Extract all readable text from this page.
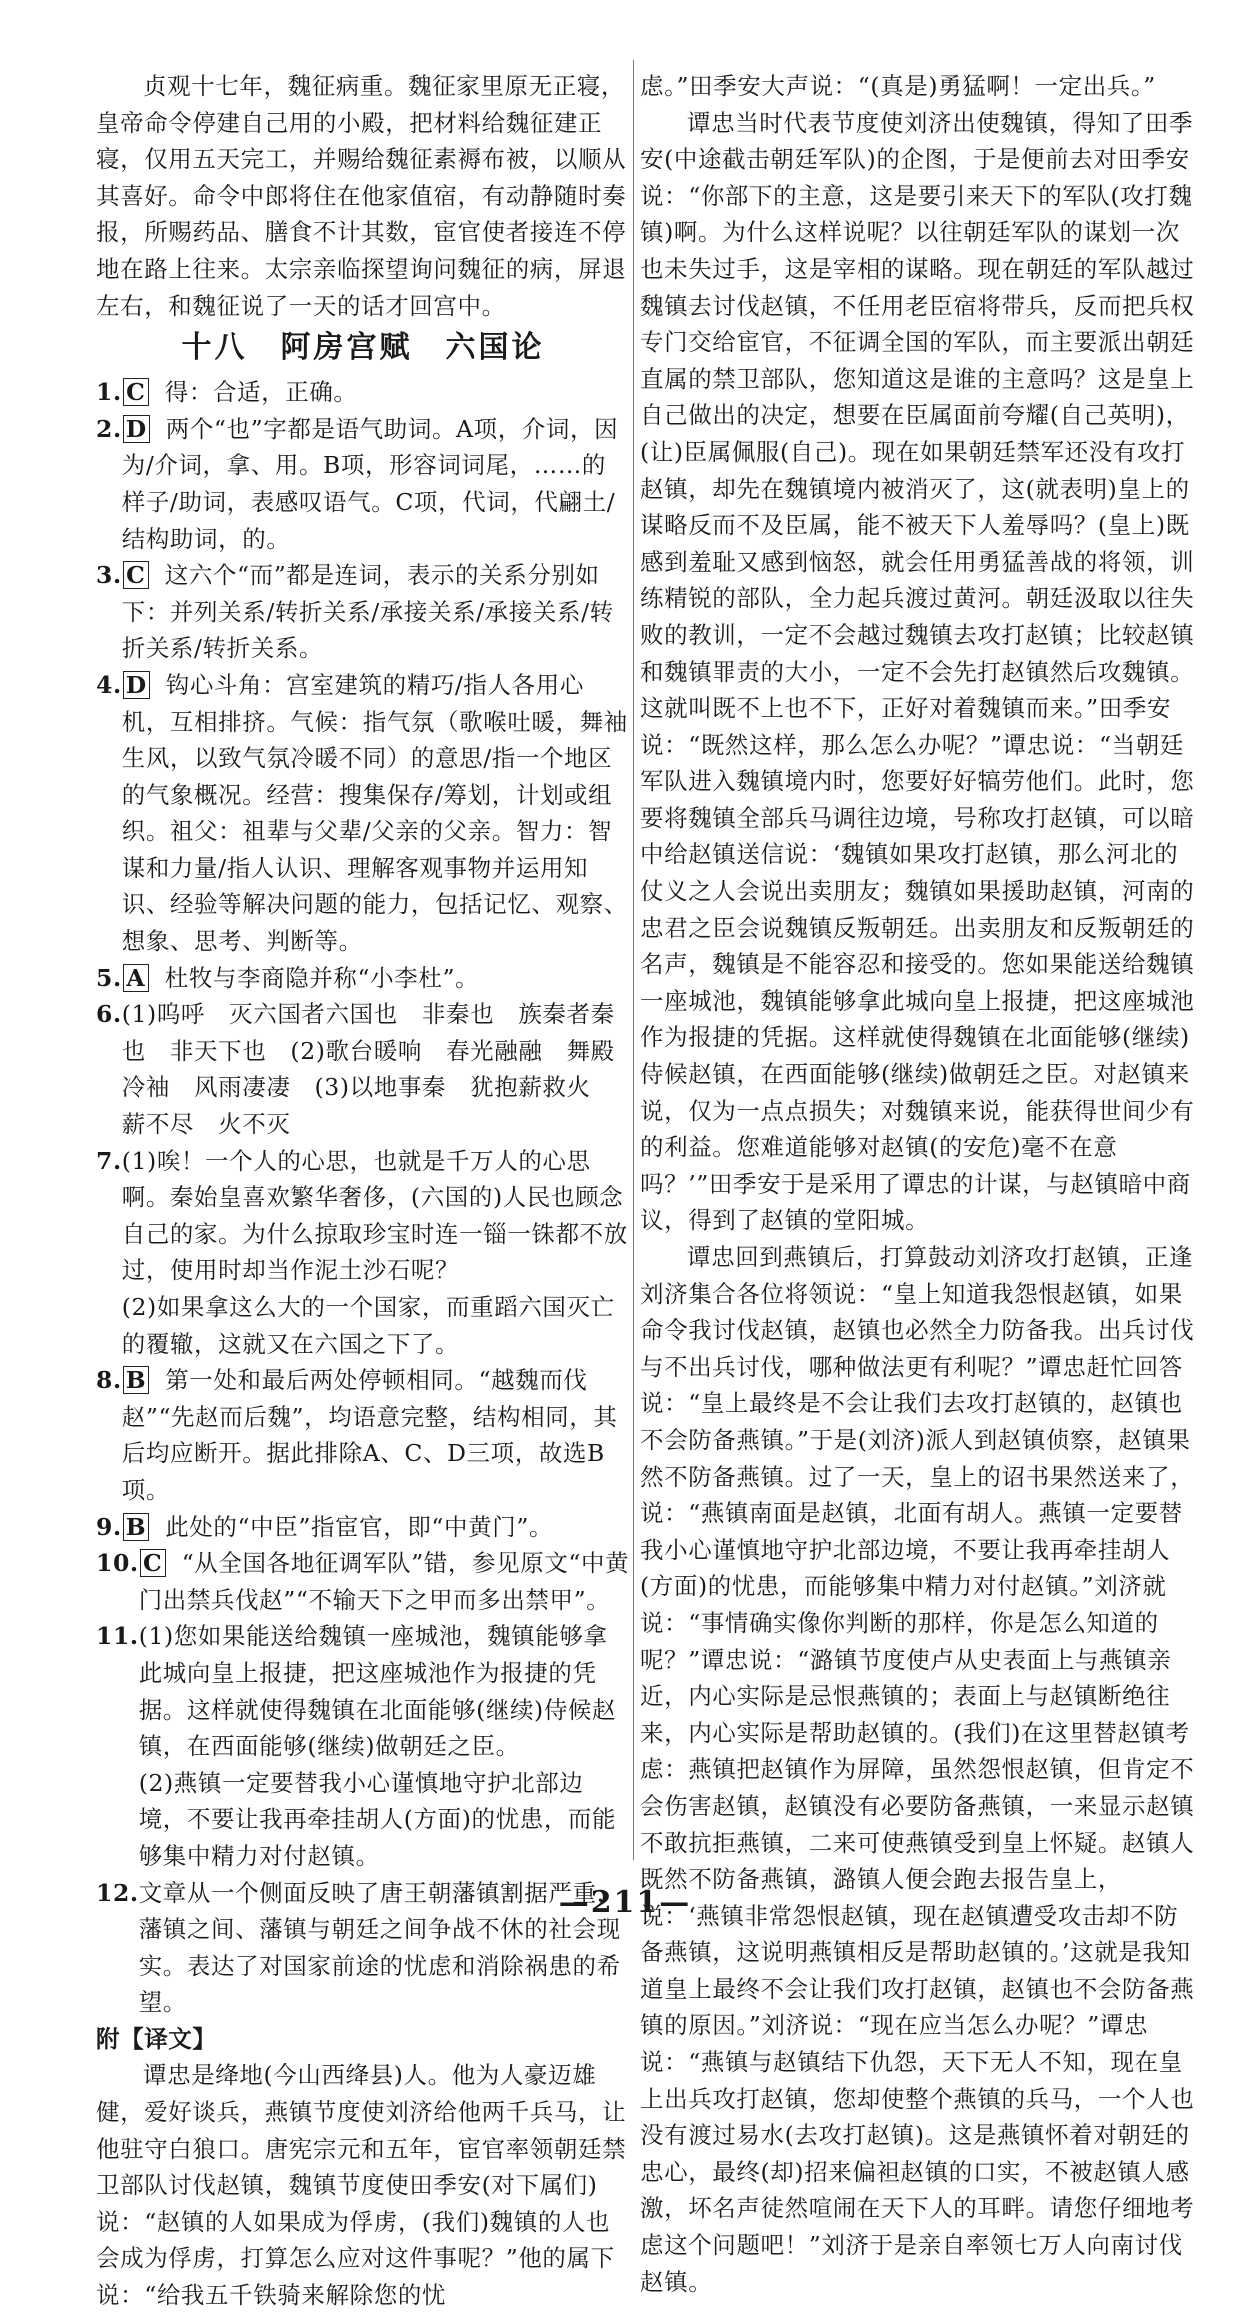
贞观十七年，魏征病重。魏征家里原无正寝，皇帝命令停建自己用的小殿，把材料给魏征建正寝，仅用五天完工，并赐给魏征素褥布被，以顺从其喜好。命令中郎将住在他家值宿，有动静随时奏报，所赐药品、膳食不计其数，宦官使者接连不停地在路上往来。太宗亲临探望询问魏征的病，屏退左右，和魏征说了一天的话才回宫中。

十八　阿房宫赋　六国论
1. C 得：合适，正确。
2. D 两个“也”字都是语气助词。A项，介词，因为/介词，拿、用。B项，形容词词尾，……的样子/助词，表感叹语气。C项，代词，代翩土/结构助词，的。
3. C 这六个“而”都是连词，表示的关系分别如下：并列关系/转折关系/承接关系/承接关系/转折关系/转折关系。
4. D 钩心斗角：宫室建筑的精巧/指人各用心机，互相排挤。气候：指气氛（歌喉吐暖，舞袖生风，以致气氛冷暖不同）的意思/指一个地区的气象概况。经营：搜集保存/筹划，计划或组织。祖父：祖辈与父辈/父亲的父亲。智力：智谋和力量/指人认识、理解客观事物并运用知识、经验等解决问题的能力，包括记忆、观察、想象、思考、判断等。
5. A 杜牧与李商隐并称“小李杜”。
6. (1)呜呼　灭六国者六国也　非秦也　族秦者秦也　非天下也　(2)歌台暖响　春光融融　舞殿冷袖　风雨凄凄　(3)以地事秦　犹抱薪救火　薪不尽　火不灭
7. (1)唉！一个人的心思，也就是千万人的心思啊。秦始皇喜欢繁华奢侈，(六国的)人民也顾念自己的家。为什么掠取珍宝时连一锱一铢都不放过，使用时却当作泥土沙石呢？
(2)如果拿这么大的一个国家，而重蹈六国灭亡的覆辙，这就又在六国之下了。
8. B 第一处和最后两处停顿相同。“越魏而伐赵”“先赵而后魏”，均语意完整，结构相同，其后均应断开。据此排除A、C、D三项，故选B项。
9. B 此处的“中臣”指宦官，即“中黄门”。
10. C “从全国各地征调军队”错，参见原文“中黄门出禁兵伐赵”“不输天下之甲而多出禁甲”。
11. (1)您如果能送给魏镇一座城池，魏镇能够拿此城向皇上报捷，把这座城池作为报捷的凭据。这样就使得魏镇在北面能够(继续)侍候赵镇，在西面能够(继续)做朝廷之臣。
(2)燕镇一定要替我小心谨慎地守护北部边境，不要让我再牵挂胡人(方面)的忧患，而能够集中精力对付赵镇。
12. 文章从一个侧面反映了唐王朝藩镇割据严重，藩镇之间、藩镇与朝廷之间争战不休的社会现实。表达了对国家前途的忧虑和消除祸患的希望。

附【译文】

谭忠是绛地(今山西绛县)人。他为人豪迈雄健，爱好谈兵，燕镇节度使刘济给他两千兵马，让他驻守白狼口。唐宪宗元和五年，宦官率领朝廷禁卫部队讨伐赵镇，魏镇节度使田季安(对下属们)说：“赵镇的人如果成为俘虏，(我们)魏镇的人也会成为俘虏，打算怎么应对这件事呢？”他的属下说：“给我五千铁骑来解除您的忧

虑。”田季安大声说：“(真是)勇猛啊！一定出兵。”

谭忠当时代表节度使刘济出使魏镇，得知了田季安(中途截击朝廷军队)的企图，于是便前去对田季安说：“你部下的主意，这是要引来天下的军队(攻打魏镇)啊。为什么这样说呢？以往朝廷军队的谋划一次也未失过手，这是宰相的谋略。现在朝廷的军队越过魏镇去讨伐赵镇，不任用老臣宿将带兵，反而把兵权专门交给宦官，不征调全国的军队，而主要派出朝廷直属的禁卫部队，您知道这是谁的主意吗？这是皇上自己做出的决定，想要在臣属面前夸耀(自己英明)，(让)臣属佩服(自己)。现在如果朝廷禁军还没有攻打赵镇，却先在魏镇境内被消灭了，这(就表明)皇上的谋略反而不及臣属，能不被天下人羞辱吗？(皇上)既感到羞耻又感到恼怒，就会任用勇猛善战的将领，训练精锐的部队，全力起兵渡过黄河。朝廷汲取以往失败的教训，一定不会越过魏镇去攻打赵镇；比较赵镇和魏镇罪责的大小，一定不会先打赵镇然后攻魏镇。这就叫既不上也不下，正好对着魏镇而来。”田季安说：“既然这样，那么怎么办呢？”谭忠说：“当朝廷军队进入魏镇境内时，您要好好犒劳他们。此时，您要将魏镇全部兵马调往边境，号称攻打赵镇，可以暗中给赵镇送信说：‘魏镇如果攻打赵镇，那么河北的仗义之人会说出卖朋友；魏镇如果援助赵镇，河南的忠君之臣会说魏镇反叛朝廷。出卖朋友和反叛朝廷的名声，魏镇是不能容忍和接受的。您如果能送给魏镇一座城池，魏镇能够拿此城向皇上报捷，把这座城池作为报捷的凭据。这样就使得魏镇在北面能够(继续)侍候赵镇，在西面能够(继续)做朝廷之臣。对赵镇来说，仅为一点点损失；对魏镇来说，能获得世间少有的利益。您难道能够对赵镇(的安危)毫不在意吗？’”田季安于是采用了谭忠的计谋，与赵镇暗中商议，得到了赵镇的堂阳城。

谭忠回到燕镇后，打算鼓动刘济攻打赵镇，正逢刘济集合各位将领说：“皇上知道我怨恨赵镇，如果命令我讨伐赵镇，赵镇也必然全力防备我。出兵讨伐与不出兵讨伐，哪种做法更有利呢？”谭忠赶忙回答说：“皇上最终是不会让我们去攻打赵镇的，赵镇也不会防备燕镇。”于是(刘济)派人到赵镇侦察，赵镇果然不防备燕镇。过了一天，皇上的诏书果然送来了，说：“燕镇南面是赵镇，北面有胡人。燕镇一定要替我小心谨慎地守护北部边境，不要让我再牵挂胡人(方面)的忧患，而能够集中精力对付赵镇。”刘济就说：“事情确实像你判断的那样，你是怎么知道的呢？”谭忠说：“潞镇节度使卢从史表面上与燕镇亲近，内心实际是忌恨燕镇的；表面上与赵镇断绝往来，内心实际是帮助赵镇的。(我们)在这里替赵镇考虑：燕镇把赵镇作为屏障，虽然怨恨赵镇，但肯定不会伤害赵镇，赵镇没有必要防备燕镇，一来显示赵镇不敢抗拒燕镇，二来可使燕镇受到皇上怀疑。赵镇人既然不防备燕镇，潞镇人便会跑去报告皇上，说：‘燕镇非常怨恨赵镇，现在赵镇遭受攻击却不防备燕镇，这说明燕镇相反是帮助赵镇的。’这就是我知道皇上最终不会让我们攻打赵镇，赵镇也不会防备燕镇的原因。”刘济说：“现在应当怎么办呢？”谭忠说：“燕镇与赵镇结下仇怨，天下无人不知，现在皇上出兵攻打赵镇，您却使整个燕镇的兵马，一个人也没有渡过易水(去攻打赵镇)。这是燕镇怀着对朝廷的忠心，最终(却)招来偏袒赵镇的口实，不被赵镇人感激，坏名声徒然喧闹在天下人的耳畔。请您仔细地考虑这个问题吧！”刘济于是亲自率领七万人向南讨伐赵镇。

—211—
